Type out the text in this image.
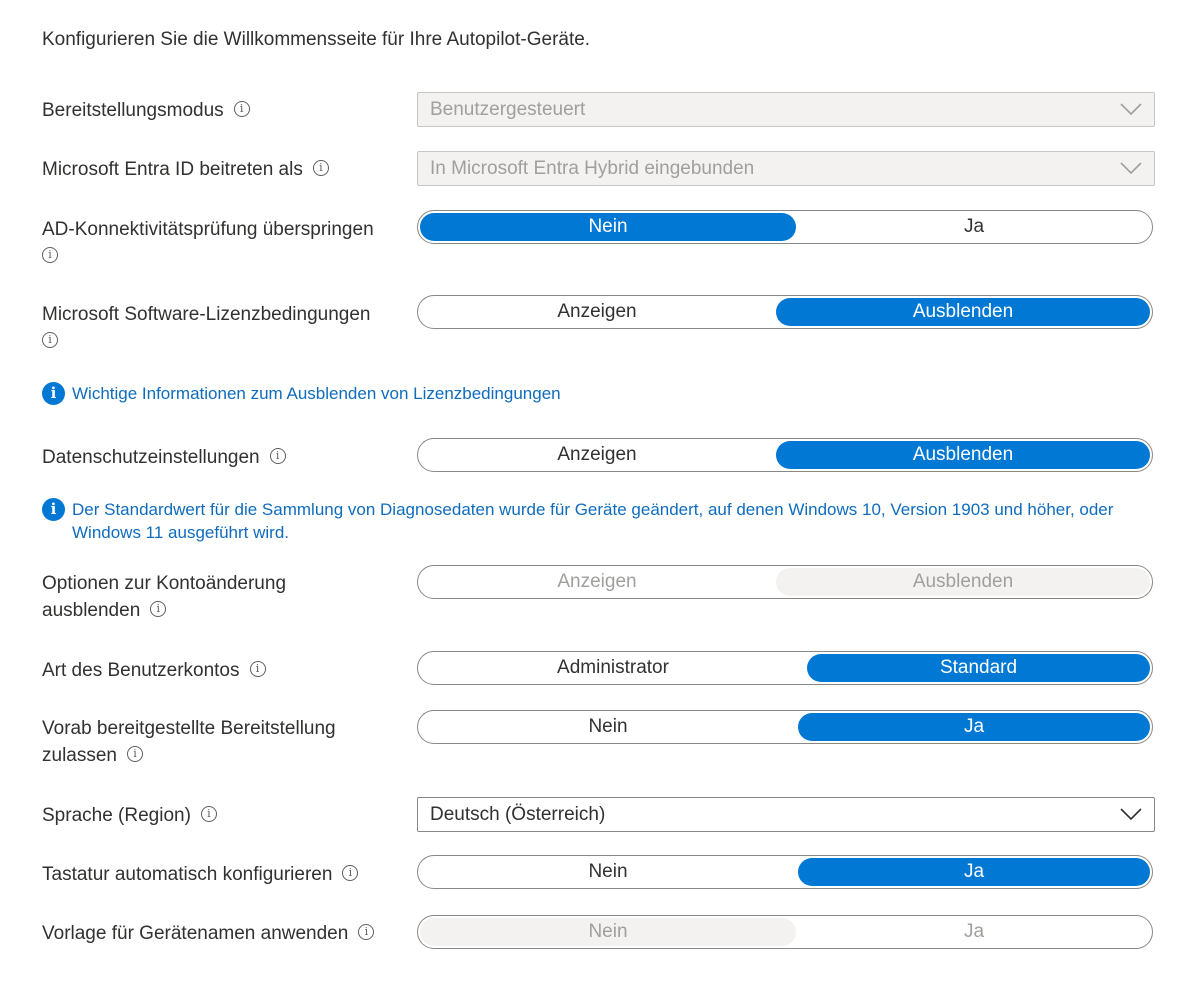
Konfigurieren Sie die Willkommensseite für Ihre Autopilot-Geräte.
Bereitstellungsmodus i	Benutzergesteuert
Microsoft Entra ID beitreten als i	In Microsoft Entra Hybrid eingebunden
AD-Konnektivitätsprüfung überspringen
i
Nein	Ja
Microsoft Software-Lizenzbedingungen
i
Anzeigen	Ausblenden
i Wichtige Informationen zum Ausblenden von Lizenzbedingungen
Datenschutzeinstellungen i	Anzeigen	Ausblenden
i Der Standardwert für die Sammlung von Diagnosedaten wurde für Geräte geändert, auf denen Windows 10, Version 1903 und höher, oder
Windows 11 ausgeführt wird.
Optionen zur Kontoänderung
ausblenden i
Anzeigen	Ausblenden
Art des Benutzerkontos i	Administrator	Standard
Vorab bereitgestellte Bereitstellung
zulassen i
Nein	Ja
Sprache (Region) i	Deutsch (Österreich)
Tastatur automatisch konfigurieren i	Nein	Ja
Vorlage für Gerätenamen anwenden i	Nein	Ja
